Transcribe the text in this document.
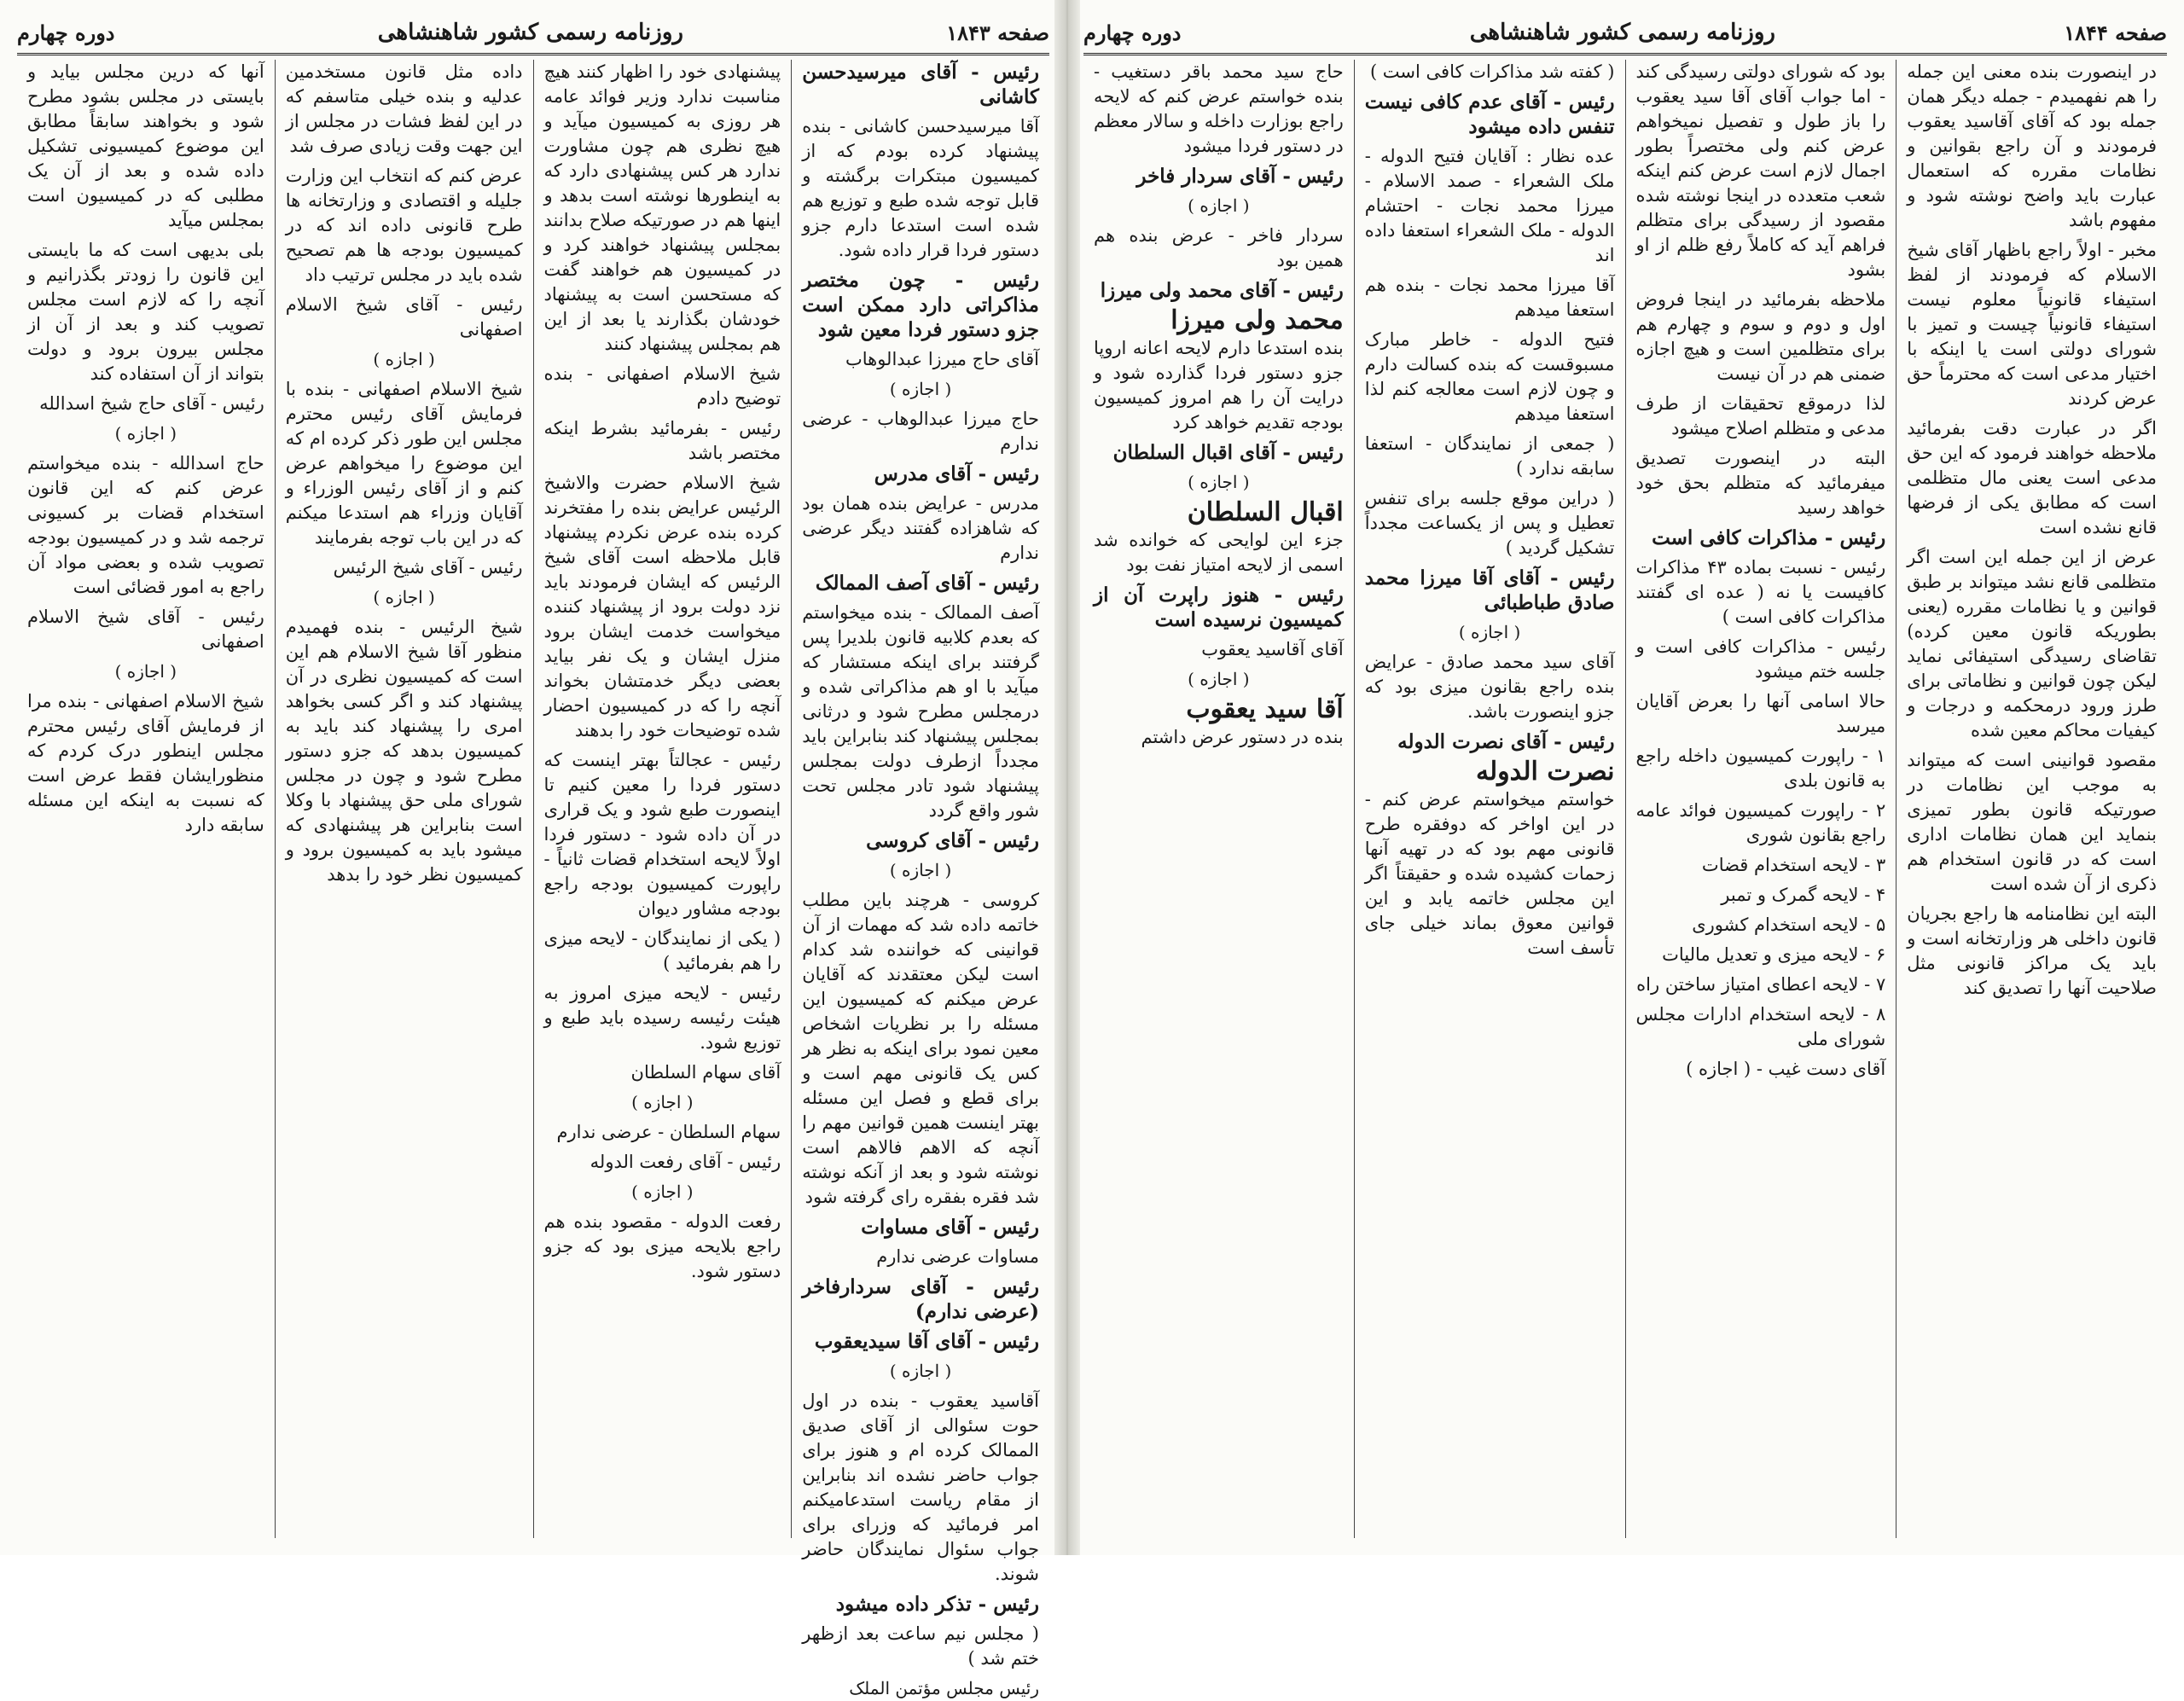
صفحه ۱۸۴۳
روزنامه رسمی کشور شاهنشاهی
دوره چهارم

رئیس - آقای میرسیدحسن کاشانی

آقا میرسیدحسن کاشانی - بنده پیشنهاد کرده بودم که از کمیسیون مبتکرات برگشته و قابل توجه شده طبع و توزیع هم شده است استدعا دارم جزو دستور فردا قرار داده شود.

رئیس - چون مختصر مذاکراتی دارد ممکن است جزو دستور فردا معین شود

آقای حاج میرزا عبدالوهاب

( اجازه )

حاج میرزا عبدالوهاب - عرضی ندارم

رئیس - آقای مدرس

مدرس - عرایض بنده همان بود که شاهزاده گفتند دیگر عرضی ندارم

رئیس - آقای آصف الممالک

آصف الممالک - بنده میخواستم که بعدم کلابیه قانون بلدیرا پس گرفتند برای اینکه مستشار که میآید با او هم مذاکراتی شده و درمجلس مطرح شود و درثانی بمجلس پیشنهاد کند بنابراین باید مجدداً ازطرف دولت بمجلس پیشنهاد شود تادر مجلس تحت شور واقع گردد

رئیس - آقای کروسی

( اجازه )

کروسی - هرچند باین مطلب خاتمه داده شد که مهمات از آن قوانینی که خواننده شد کدام است لیکن معتقدند که آقایان عرض میکنم که کمیسیون این مسئله را بر نظریات اشخاص معین نمود برای اینکه به نظر هر کس یک قانونی مهم است و برای قطع و فصل این مسئله بهتر اینست همین قوانین مهم را آنچه که الاهم فالاهم است نوشته شود و بعد از آنکه نوشته شد فقره بفقره رای گرفته شود

رئیس - آقای مساوات

مساوات عرضی ندارم

رئیس - آقای سردارفاخر (عرضی ندارم)

رئیس - آقای آقا سیدیعقوب

( اجازه )

آقاسید یعقوب - بنده در اول حوت سئوالی از آقای صدیق الممالک کرده ام و هنوز برای جواب حاضر نشده اند بنابراین از مقام ریاست استدعامیکنم امر فرمائید که وزرای برای جواب سئوال نمایندگان حاضر شوند.

رئیس - تذکر داده میشود

( مجلس نیم ساعت بعد ازظهر ختم شد )

رئیس مجلس مؤتمن الملک

پیشنهادی خود را اظهار کنند هیچ مناسبت ندارد وزیر فوائد عامه هر روزی به کمیسیون میآید و هیچ نظری هم چون مشاورت ندارد هر کس پیشنهادی دارد که به اینطورها نوشته است بدهد و اینها هم در صورتیکه صلاح بدانند بمجلس پیشنهاد خواهند کرد و در کمیسیون هم خواهند گفت که مستحسن است به پیشنهاد خودشان بگذارند یا بعد از این هم بمجلس پیشنهاد کنند

شیخ الاسلام اصفهانی - بنده توضیح دادم

رئیس - بفرمائید بشرط اینکه مختصر باشد

شیخ الاسلام حضرت والاشیخ الرئیس عرایض بنده را مفتخرند کرده بنده عرض نکردم پیشنهاد قابل ملاحظه است آقای شیخ الرئیس که ایشان فرمودند باید نزد دولت برود از پیشنهاد کننده میخواست خدمت ایشان برود منزل ایشان و یک نفر بیاید بعضی دیگر خدمتشان بخواند آنچه را که در کمیسیون احضار شده توضیحات خود را بدهند

رئیس - عجالتاً بهتر اینست که دستور فردا را معین کنیم تا اینصورت طبع شود و یک قراری در آن داده شود - دستور فردا اولاً لایحه استخدام قضات ثانیاً - راپورت کمیسیون بودجه راجع بودجه مشاور دیوان

( یکی از نمایندگان - لایحه میزی را هم بفرمائید )

رئیس - لایحه میزی امروز به هیئت رئیسه رسیده باید طبع و توزیع شود.

آقای سهام السلطان

( اجازه )

سهام السلطان - عرضی ندارم

رئیس - آقای رفعت الدوله

( اجازه )

رفعت الدوله - مقصود بنده هم راجع بلایحه میزی بود که جزو دستور شود.

داده مثل قانون مستخدمین عدلیه و بنده خیلی متاسفم که در این لفظ فشات در مجلس از این جهت وقت زیادی صرف شد

عرض کنم که انتخاب این وزارت جلیله و اقتصادی و وزارتخانه ها طرح قانونی داده اند که در کمیسیون بودجه ها هم تصحیح شده باید در مجلس ترتیب داد

رئیس - آقای شیخ الاسلام اصفهانی

( اجازه )

شیخ الاسلام اصفهانی - بنده با فرمایش آقای رئیس محترم مجلس این طور ذکر کرده ام که این موضوع را میخواهم عرض کنم و از آقای رئیس الوزراء و آقایان وزراء هم استدعا میکنم که در این باب توجه بفرمایند

رئیس - آقای شیخ الرئیس

( اجازه )

شیخ الرئیس - بنده فهمیدم منظور آقا شیخ الاسلام هم این است که کمیسیون نظری در آن پیشنهاد کند و اگر کسی بخواهد امری را پیشنهاد کند باید به کمیسیون بدهد که جزو دستور مطرح شود و چون در مجلس شورای ملی حق پیشنهاد با وکلا است بنابراین هر پیشنهادی که میشود باید به کمیسیون برود و کمیسیون نظر خود را بدهد

آنها که درین مجلس بیاید و بایستی در مجلس بشود مطرح شود و بخواهند سابقاً مطابق این موضوع کمیسیونی تشکیل داده شده و بعد از آن یک مطلبی که در کمیسیون است بمجلس میآید

بلی بدیهی است که ما بایستی این قانون را زودتر بگذرانیم و آنچه را که لازم است مجلس تصویب کند و بعد از آن از مجلس بیرون برود و دولت بتواند از آن استفاده کند

رئیس - آقای حاج شیخ اسدالله

( اجازه )

حاج اسدالله - بنده میخواستم عرض کنم که این قانون استخدام قضات بر کسیونی ترجمه شد و در کمیسیون بودجه تصویب شده و بعضی مواد آن راجع به امور قضائی است

رئیس - آقای شیخ الاسلام اصفهانی

( اجازه )

شیخ الاسلام اصفهانی - بنده مرا از فرمایش آقای رئیس محترم مجلس اینطور درک کردم که منظورایشان فقط عرض است که نسبت به اینکه این مسئله سابقه دارد

صفحه ۱۸۴۴
روزنامه رسمی کشور شاهنشاهی
دوره چهارم

در اینصورت بنده معنی این جمله را هم نفهمیدم - جمله دیگر همان جمله بود که آقای آقاسید یعقوب فرمودند و آن راجع بقوانین و نظامات مقرره که استعمال عبارت باید واضح نوشته شود و مفهوم باشد

مخبر - اولاً راجع باظهار آقای شیخ الاسلام که فرمودند از لفظ استیفاء قانونیاً معلوم نیست استیفاء قانونیاً چیست و تمیز با شورای دولتی است یا اینکه با اختیار مدعی است که محترماً حق عرض کردند

اگر در عبارت دقت بفرمائید ملاحظه خواهند فرمود که این حق مدعی است یعنی مال متظلمی است که مطابق یکی از فرضها قانع نشده است

عرض از این جمله این است اگر متظلمی قانع نشد میتواند بر طبق قوانین و یا نظامات مقرره (یعنی بطوریکه قانون معین کرده) تقاضای رسیدگی استیفائی نماید لیکن چون قوانین و نظاماتی برای طرز ورود درمحکمه و درجات و کیفیات محاکم معین شده

مقصود قوانینی است که میتواند به موجب این نظامات در صورتیکه قانون بطور تمیزی بنماید این همان نظامات اداری است که در قانون استخدام هم ذکری از آن شده است

البته این نظامنامه ها راجع بجریان قانون داخلی هر وزارتخانه است و باید یک مراکز قانونی مثل صلاحیت آنها را تصدیق کند

بود که شورای دولتی رسیدگی کند - اما جواب آقای آقا سید یعقوب را باز طول و تفصیل نمیخواهم عرض کنم ولی مختصراً بطور اجمال لازم است عرض کنم اینکه شعب متعدده در اینجا نوشته شده مقصود از رسیدگی برای متظلم فراهم آید که کاملاً رفع ظلم از او بشود

ملاحظه بفرمائید در اینجا فروض اول و دوم و سوم و چهارم هم برای متظلمین است و هیچ اجازه ضمنی هم در آن نیست

لذا درموقع تحقیقات از طرف مدعی و متظلم اصلاح میشود

البته در اینصورت تصدیق میفرمائید که متظلم بحق خود خواهد رسید

رئیس - مذاکرات کافی است

رئیس - نسبت بماده ۴۳ مذاکرات کافیست یا نه ( عده ای گفتند مذاکرات کافی است )

رئیس - مذاکرات کافی است و جلسه ختم میشود

حالا اسامی آنها را بعرض آقایان میرسد

۱ - راپورت کمیسیون داخله راجع به قانون بلدی

۲ - راپورت کمیسیون فوائد عامه راجع بقانون شوری

۳ - لایحه استخدام قضات

۴ - لایحه گمرک و تمبر

۵ - لایحه استخدام کشوری

۶ - لایحه میزی و تعدیل مالیات

۷ - لایحه اعطای امتیاز ساختن راه

۸ - لایحه استخدام ادارات مجلس شورای ملی

آقای دست غیب - ( اجازه )

( کفته شد مذاکرات کافی است )

رئیس - آقای عدم کافی نیست تنفس داده میشود

عده نظار : آقایان فتیح الدوله - ملک الشعراء - صمد الاسلام - میرزا محمد نجات - احتشام الدوله - ملک الشعراء استعفا داده اند

آقا میرزا محمد نجات - بنده هم استعفا میدهم

فتیح الدوله - خاطر مبارک مسبوقست که بنده کسالت دارم و چون لازم است معالجه کنم لذا استعفا میدهم

( جمعی از نمایندگان - استعفا سابقه ندارد )

( دراین موقع جلسه برای تنفس تعطیل و پس از یکساعت مجدداً تشکیل گردید )

رئیس - آقای آقا میرزا محمد صادق طباطبائی

( اجازه )

آقای سید محمد صادق - عرایض بنده راجع بقانون میزی بود که جزو اینصورت باشد.

رئیس - آقای نصرت الدوله

نصرت الدوله

خواستم میخواستم عرض کنم - در این اواخر که دوفقره طرح قانونی مهم بود که در تهیه آنها زحمات کشیده شده و حقیقتاً اگر این مجلس خاتمه یابد و این قوانین معوق بماند خیلی جای تأسف است

حاج سید محمد باقر دستغیب - بنده خواستم عرض کنم که لایحه راجع بوزارت داخله و سالار معظم در دستور فردا میشود

رئیس - آقای سردار فاخر

( اجازه )

سردار فاخر - عرض بنده هم همین بود

رئیس - آقای محمد ولی میرزا

محمد ولی میرزا

بنده استدعا دارم لایحه اعانه اروپا جزو دستور فردا گذارده شود و درایت آن را هم امروز کمیسیون بودجه تقدیم خواهد کرد

رئیس - آقای اقبال السلطان

( اجازه )

اقبال السلطان

جزء این لوایحی که خوانده شد اسمی از لایحه امتیاز نفت بود

رئیس - هنوز راپرت آن از کمیسیون نرسیده است

آقای آقاسید یعقوب

( اجازه )

آقا سید یعقوب

بنده در دستور عرض داشتم
